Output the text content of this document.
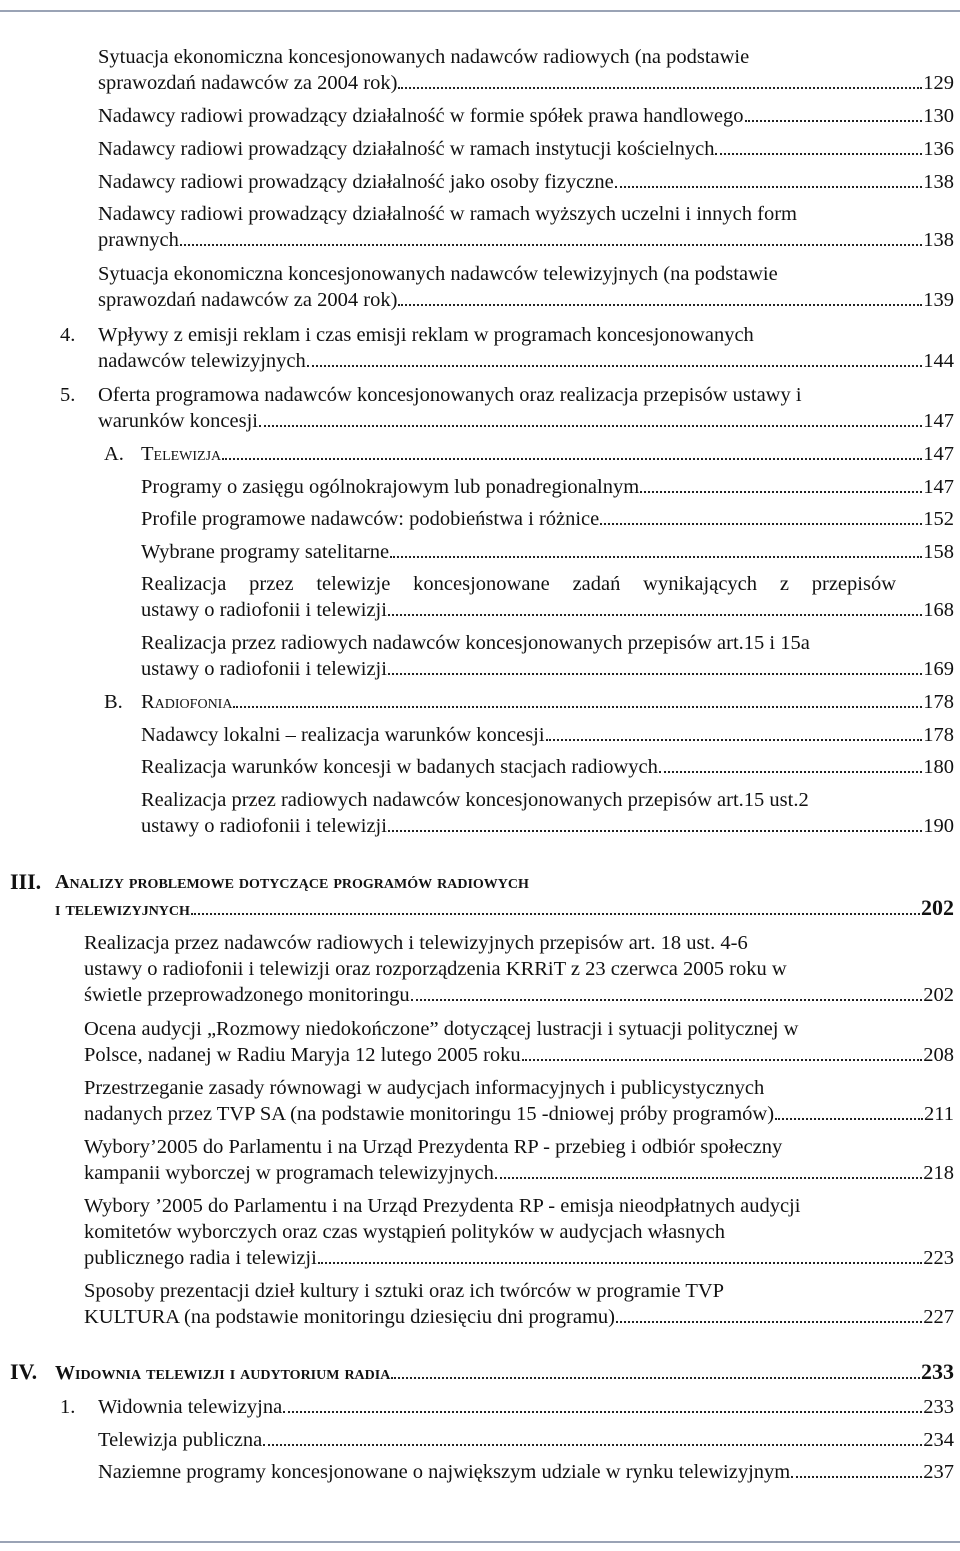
Sytuacja ekonomiczna koncesjonowanych nadawców radiowych (na podstawie
sprawozdań nadawców za 2004 rok)	129
Nadawcy radiowi prowadzący działalność w formie spółek prawa handlowego	130
Nadawcy radiowi prowadzący działalność w ramach instytucji kościelnych	136
Nadawcy radiowi prowadzący działalność jako osoby fizyczne	138
Nadawcy radiowi prowadzący działalność w ramach wyższych uczelni i innych form
prawnych	138
Sytuacja ekonomiczna koncesjonowanych nadawców telewizyjnych (na podstawie
sprawozdań nadawców za 2004 rok)	139
4. Wpływy z emisji reklam i czas emisji reklam w programach koncesjonowanych
nadawców telewizyjnych	144
5. Oferta programowa nadawców koncesjonowanych oraz realizacja przepisów ustawy i
warunków koncesji	147
A. Telewizja	147
Programy o zasięgu ogólnokrajowym lub ponadregionalnym	147
Profile programowe nadawców: podobieństwa i różnice	152
Wybrane programy satelitarne	158
Realizacja przez telewizje koncesjonowane zadań wynikających z przepisów
ustawy o radiofonii i telewizji	168
Realizacja przez radiowych nadawców koncesjonowanych przepisów art.15 i 15a
ustawy o radiofonii i telewizji	169
B. Radiofonia	178
Nadawcy lokalni – realizacja warunków koncesji	178
Realizacja warunków koncesji w badanych stacjach radiowych	180
Realizacja przez radiowych nadawców koncesjonowanych przepisów art.15 ust.2
ustawy o radiofonii i telewizji	190
III. Analizy problemowe dotyczące programów radiowych
i telewizyjnych	202
Realizacja przez nadawców radiowych i telewizyjnych przepisów art. 18 ust. 4-6
ustawy o radiofonii i telewizji oraz rozporządzenia KRRiT z 23 czerwca 2005 roku w
świetle przeprowadzonego monitoringu	202
Ocena audycji „Rozmowy niedokończone” dotyczącej lustracji i sytuacji politycznej w
Polsce, nadanej w Radiu Maryja 12 lutego 2005 roku	208
Przestrzeganie zasady równowagi w audycjach informacyjnych i publicystycznych
nadanych przez TVP SA (na podstawie monitoringu 15 -dniowej próby programów)	211
Wybory’2005 do Parlamentu i na Urząd Prezydenta RP - przebieg i odbiór społeczny
kampanii wyborczej w programach telewizyjnych	218
Wybory ’2005 do Parlamentu i na Urząd Prezydenta RP - emisja nieodpłatnych audycji
komitetów wyborczych oraz czas wystąpień polityków w audycjach własnych
publicznego radia i telewizji	223
Sposoby prezentacji dzieł kultury i sztuki oraz ich twórców w programie TVP
KULTURA (na podstawie monitoringu dziesięciu dni programu)	227
IV. Widownia telewizji i audytorium radia	233
1. Widownia telewizyjna	233
Telewizja publiczna	234
Naziemne programy koncesjonowane o największym udziale w rynku telewizyjnym	237
